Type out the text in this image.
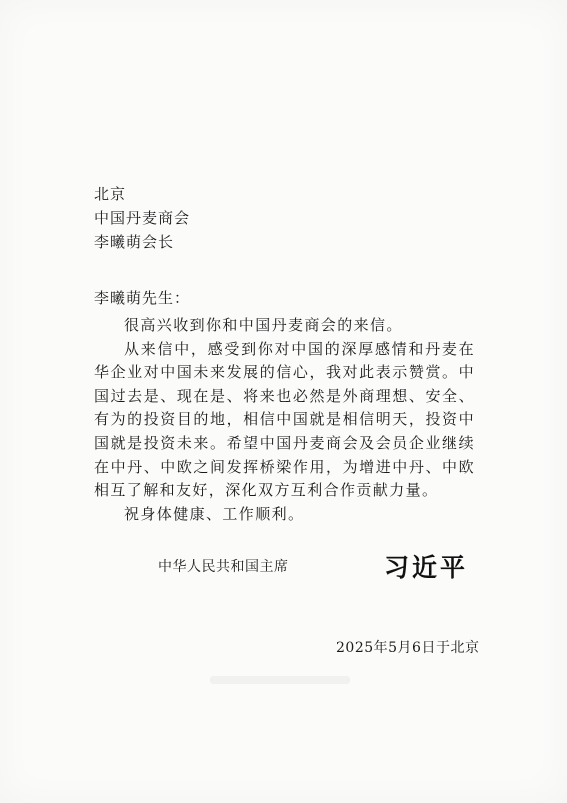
北京
中国丹麦商会
李曦萌会长
李曦萌先生：

很高兴收到你和中国丹麦商会的来信。

从来信中，感受到你对中国的深厚感情和丹麦在华企业对中国未来发展的信心，我对此表示赞赏。中国过去是、现在是、将来也必然是外商理想、安全、有为的投资目的地，相信中国就是相信明天，投资中国就是投资未来。希望中国丹麦商会及会员企业继续在中丹、中欧之间发挥桥梁作用，为增进中丹、中欧相互了解和友好，深化双方互利合作贡献力量。

祝身体健康、工作顺利。

中华人民共和国主席	习近平
2025年5月6日于北京
